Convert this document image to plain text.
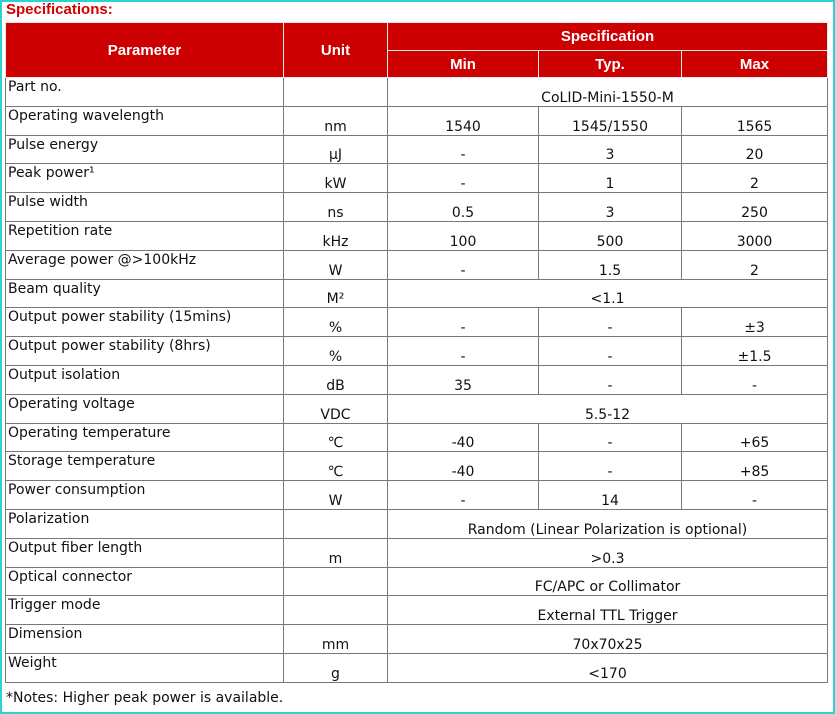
Specifications:
Parameter	Unit	Specification		
		Min	Typ.	Max
Part no.		CoLID-Mini-1550-M		
Operating wavelength	nm	1540	1545/1550	1565
Pulse energy	μJ	-	3	20
Peak power¹	kW	-	1	2
Pulse width	ns	0.5	3	250
Repetition rate	kHz	100	500	3000
Average power @>100kHz	W	-	1.5	2
Beam quality	M²	<1.1		
Output power stability (15mins)	%	-	-	±3
Output power stability (8hrs)	%	-	-	±1.5
Output isolation	dB	35	-	-
Operating voltage	VDC	5.5-12		
Operating temperature	℃	-40	-	+65
Storage temperature	℃	-40	-	+85
Power consumption	W	-	14	-
Polarization		Random (Linear Polarization is optional)		
Output fiber length	m	>0.3		
Optical connector		FC/APC or Collimator		
Trigger mode		External TTL Trigger		
Dimension	mm	70x70x25		
Weight	g	<170		
*Notes: Higher peak power is available.
